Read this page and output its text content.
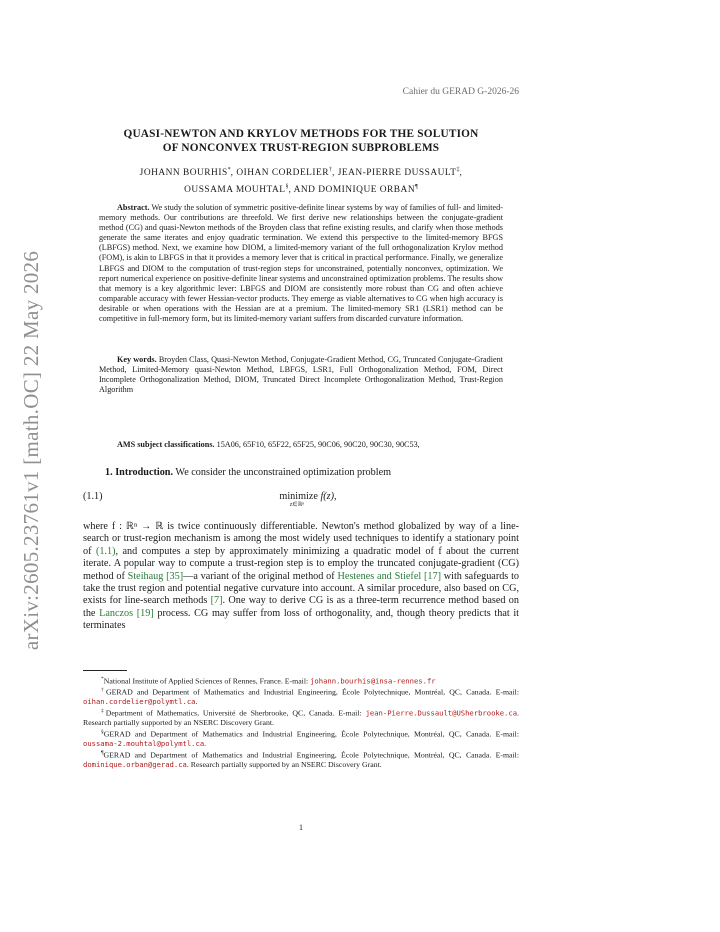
arXiv:2605.23761v1 [math.OC] 22 May 2026
Cahier du GERAD G-2026-26
QUASI-NEWTON AND KRYLOV METHODS FOR THE SOLUTION
OF NONCONVEX TRUST-REGION SUBPROBLEMS
JOHANN BOURHIS*, OIHAN CORDELIER†, JEAN-PIERRE DUSSAULT‡,
OUSSAMA MOUHTAL§, AND DOMINIQUE ORBAN¶
Abstract. We study the solution of symmetric positive-definite linear systems by way of families of full- and limited-memory methods. Our contributions are threefold. We first derive new relationships between the conjugate-gradient method (CG) and quasi-Newton methods of the Broyden class that refine existing results, and clarify when those methods generate the same iterates and enjoy quadratic termination. We extend this perspective to the limited-memory BFGS (LBFGS) method. Next, we examine how DIOM, a limited-memory variant of the full orthogonalization Krylov method (FOM), is akin to LBFGS in that it provides a memory lever that is critical in practical performance. Finally, we generalize LBFGS and DIOM to the computation of trust-region steps for unconstrained, potentially nonconvex, optimization. We report numerical experience on positive-definite linear systems and unconstrained optimization problems. The results show that memory is a key algorithmic lever: LBFGS and DIOM are consistently more robust than CG and often achieve comparable accuracy with fewer Hessian-vector products. They emerge as viable alternatives to CG when high accuracy is desirable or when operations with the Hessian are at a premium. The limited-memory SR1 (LSR1) method can be competitive in full-memory form, but its limited-memory variant suffers from discarded curvature information.
Key words. Broyden Class, Quasi-Newton Method, Conjugate-Gradient Method, CG, Truncated Conjugate-Gradient Method, Limited-Memory quasi-Newton Method, LBFGS, LSR1, Full Orthogonalization Method, FOM, Direct Incomplete Orthogonalization Method, DIOM, Truncated Direct Incomplete Orthogonalization Method, Trust-Region Algorithm
AMS subject classifications. 15A06, 65F10, 65F22, 65F25, 90C06, 90C20, 90C30, 90C53,
1. Introduction. We consider the unconstrained optimization problem
(1.1)	minimize f(z),
z∈ℝⁿ
where f : ℝⁿ → ℝ is twice continuously differentiable. Newton's method globalized by way of a line-search or trust-region mechanism is among the most widely used techniques to identify a stationary point of (1.1), and computes a step by approximately minimizing a quadratic model of f about the current iterate. A popular way to compute a trust-region step is to employ the truncated conjugate-gradient (CG) method of Steihaug [35]—a variant of the original method of Hestenes and Stiefel [17] with safeguards to take the trust region and potential negative curvature into account. A similar procedure, also based on CG, exists for line-search methods [7]. One way to derive CG is as a three-term recurrence method based on the Lanczos [19] process. CG may suffer from loss of orthogonality, and, though theory predicts that it terminates

*National Institute of Applied Sciences of Rennes, France. E-mail: johann.bourhis@insa-rennes.fr

†GERAD and Department of Mathematics and Industrial Engineering, École Polytechnique, Montréal, QC, Canada. E-mail: oihan.cordelier@polymtl.ca.

‡Department of Mathematics, Université de Sherbrooke, QC, Canada. E-mail: jean-Pierre.Dussault@USherbrooke.ca. Research partially supported by an NSERC Discovery Grant.

§GERAD and Department of Mathematics and Industrial Engineering, École Polytechnique, Montréal, QC, Canada. E-mail: oussama-2.mouhtal@polymtl.ca.

¶GERAD and Department of Mathematics and Industrial Engineering, École Polytechnique, Montréal, QC, Canada. E-mail: dominique.orban@gerad.ca. Research partially supported by an NSERC Discovery Grant.

1
